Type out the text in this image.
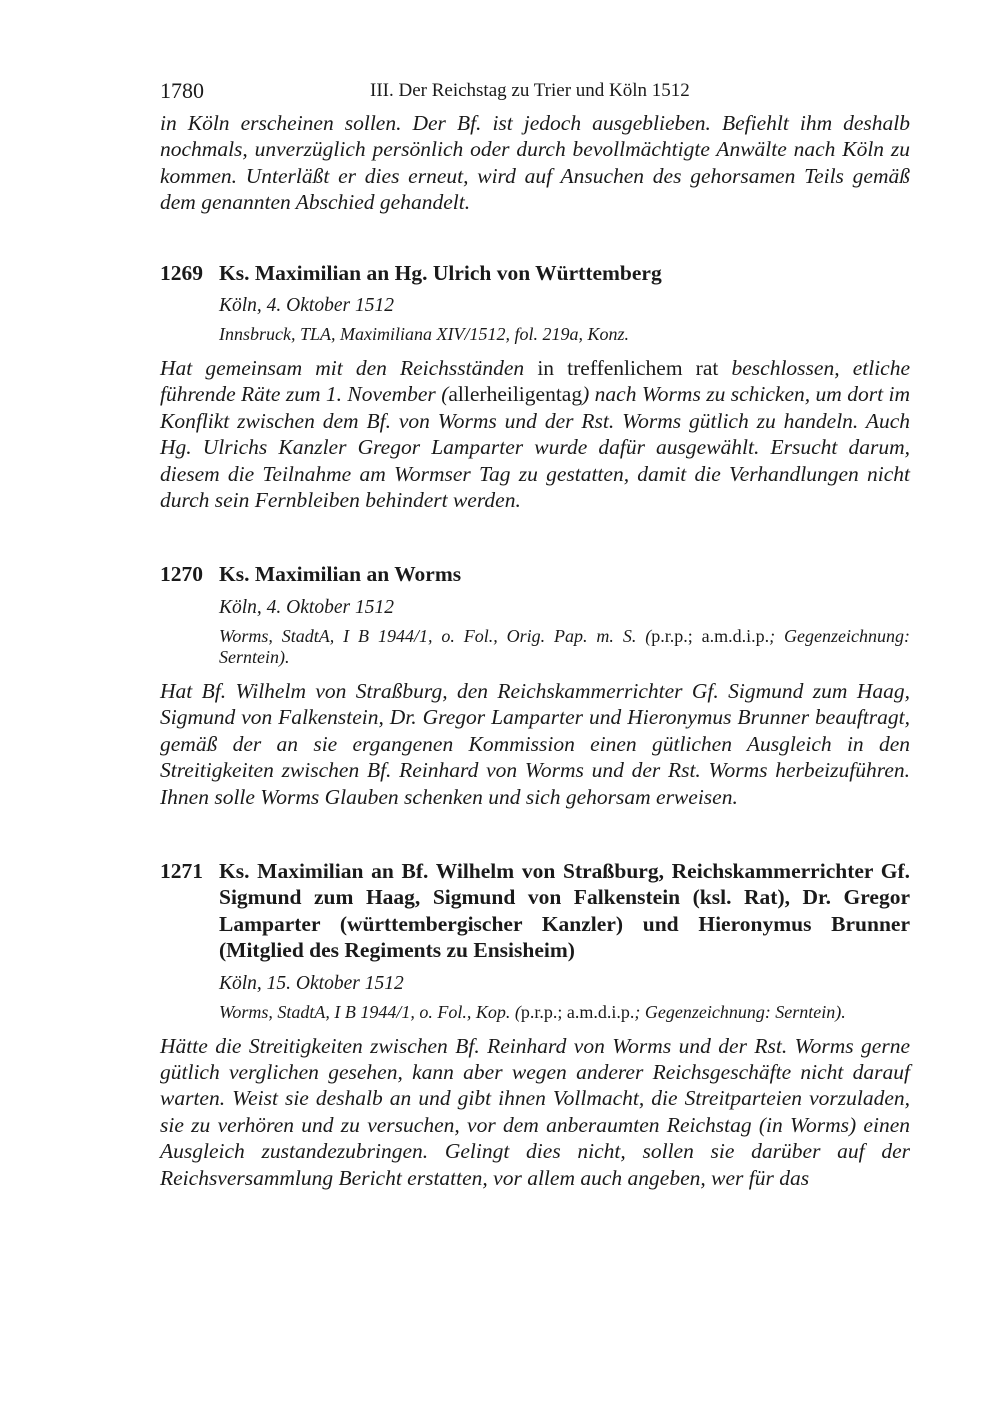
1780	III. Der Reichstag zu Trier und Köln 1512

in Köln erscheinen sollen. Der Bf. ist jedoch ausgeblieben. Befiehlt ihm deshalb nochmals, unverzüglich persönlich oder durch bevollmächtigte Anwälte nach Köln zu kommen. Unterläßt er dies erneut, wird auf Ansuchen des gehorsamen Teils gemäß dem genannten Abschied gehandelt.

1269 Ks. Maximilian an Hg. Ulrich von Württemberg
Köln, 4. Oktober 1512
Innsbruck, TLA, Maximiliana XIV/1512, fol. 219a, Konz.

Hat gemeinsam mit den Reichsständen in treffenlichem rat beschlossen, etliche führende Räte zum 1. November (allerheiligentag) nach Worms zu schicken, um dort im Konflikt zwischen dem Bf. von Worms und der Rst. Worms gütlich zu handeln. Auch Hg. Ulrichs Kanzler Gregor Lamparter wurde dafür ausgewählt. Ersucht darum, diesem die Teilnahme am Wormser Tag zu gestatten, damit die Verhandlungen nicht durch sein Fernbleiben behindert werden.

1270 Ks. Maximilian an Worms
Köln, 4. Oktober 1512
Worms, StadtA, I B 1944/1, o. Fol., Orig. Pap. m. S. (p.r.p.; a.m.d.i.p.; Gegenzeichnung: Serntein).

Hat Bf. Wilhelm von Straßburg, den Reichskammerrichter Gf. Sigmund zum Haag, Sigmund von Falkenstein, Dr. Gregor Lamparter und Hieronymus Brunner beauftragt, gemäß der an sie ergangenen Kommission einen gütlichen Ausgleich in den Streitigkeiten zwischen Bf. Reinhard von Worms und der Rst. Worms herbeizuführen. Ihnen solle Worms Glauben schenken und sich gehorsam erweisen.

1271 Ks. Maximilian an Bf. Wilhelm von Straßburg, Reichskammerrichter Gf. Sigmund zum Haag, Sigmund von Falkenstein (ksl. Rat), Dr. Gregor Lamparter (württembergischer Kanzler) und Hieronymus Brunner (Mitglied des Regiments zu Ensisheim)
Köln, 15. Oktober 1512
Worms, StadtA, I B 1944/1, o. Fol., Kop. (p.r.p.; a.m.d.i.p.; Gegenzeichnung: Serntein).

Hätte die Streitigkeiten zwischen Bf. Reinhard von Worms und der Rst. Worms gerne gütlich verglichen gesehen, kann aber wegen anderer Reichsgeschäfte nicht darauf warten. Weist sie deshalb an und gibt ihnen Vollmacht, die Streitparteien vorzuladen, sie zu verhören und zu versuchen, vor dem anberaumten Reichstag (in Worms) einen Ausgleich zustandezubringen. Gelingt dies nicht, sollen sie darüber auf der Reichsversammlung Bericht erstatten, vor allem auch angeben, wer für das
